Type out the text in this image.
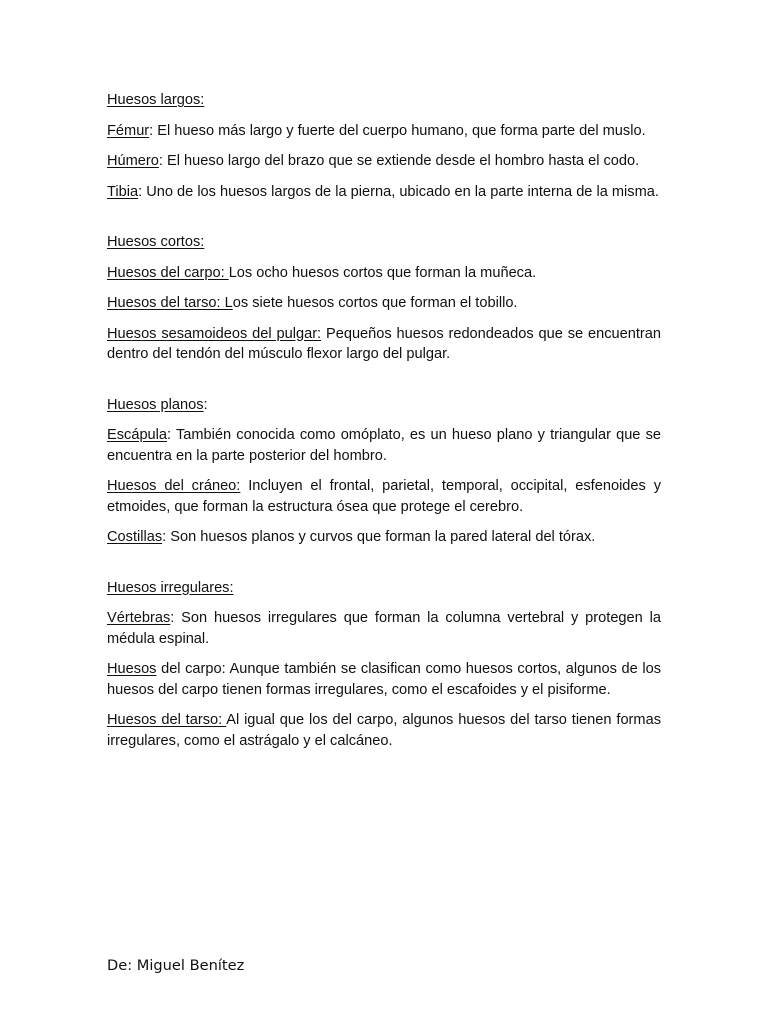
Huesos largos:

Fémur: El hueso más largo y fuerte del cuerpo humano, que forma parte del muslo.

Húmero: El hueso largo del brazo que se extiende desde el hombro hasta el codo.

Tibia: Uno de los huesos largos de la pierna, ubicado en la parte interna de la misma.

Huesos cortos:

Huesos del carpo: Los ocho huesos cortos que forman la muñeca.

Huesos del tarso: Los siete huesos cortos que forman el tobillo.

Huesos sesamoideos del pulgar: Pequeños huesos redondeados que se encuentran dentro del tendón del músculo flexor largo del pulgar.

Huesos planos:

Escápula: También conocida como omóplato, es un hueso plano y triangular que se encuentra en la parte posterior del hombro.

Huesos del cráneo: Incluyen el frontal, parietal, temporal, occipital, esfenoides y etmoides, que forman la estructura ósea que protege el cerebro.

Costillas: Son huesos planos y curvos que forman la pared lateral del tórax.

Huesos irregulares:

Vértebras: Son huesos irregulares que forman la columna vertebral y protegen la médula espinal.

Huesos del carpo: Aunque también se clasifican como huesos cortos, algunos de los huesos del carpo tienen formas irregulares, como el escafoides y el pisiforme.

Huesos del tarso: Al igual que los del carpo, algunos huesos del tarso tienen formas irregulares, como el astrágalo y el calcáneo.

De: Miguel Benítez
